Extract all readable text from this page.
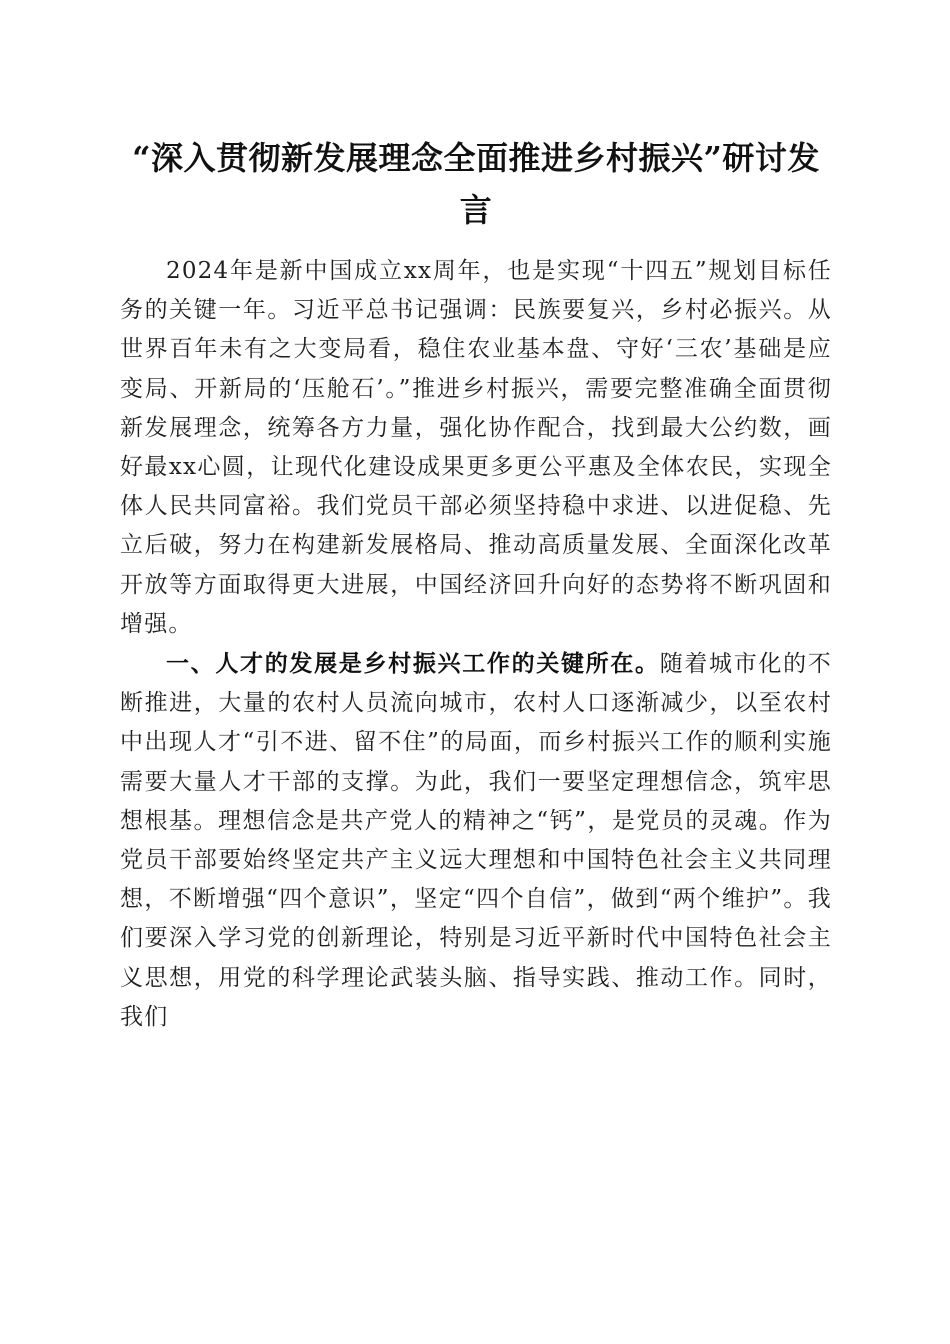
“深入贯彻新发展理念全面推进乡村振兴”研讨发言

2024年是新中国成立xx周年，也是实现“十四五”规划目标任务的关键一年。习近平总书记强调：民族要复兴，乡村必振兴。从世界百年未有之大变局看，稳住农业基本盘、守好‘三农’基础是应变局、开新局的‘压舱石’。”推进乡村振兴，需要完整准确全面贯彻新发展理念，统筹各方力量，强化协作配合，找到最大公约数，画好最xx心圆，让现代化建设成果更多更公平惠及全体农民，实现全体人民共同富裕。我们党员干部必须坚持稳中求进、以进促稳、先立后破，努力在构建新发展格局、推动高质量发展、全面深化改革开放等方面取得更大进展，中国经济回升向好的态势将不断巩固和增强。

一、人才的发展是乡村振兴工作的关键所在。随着城市化的不断推进，大量的农村人员流向城市，农村人口逐渐减少，以至农村中出现人才“引不进、留不住”的局面，而乡村振兴工作的顺利实施需要大量人才干部的支撑。为此，我们一要坚定理想信念，筑牢思想根基。理想信念是共产党人的精神之“钙”，是党员的灵魂。作为党员干部要始终坚定共产主义远大理想和中国特色社会主义共同理想，不断增强“四个意识”，坚定“四个自信”，做到“两个维护”。我们要深入学习党的创新理论，特别是习近平新时代中国特色社会主义思想，用党的科学理论武装头脑、指导实践、推动工作。同时，我们
